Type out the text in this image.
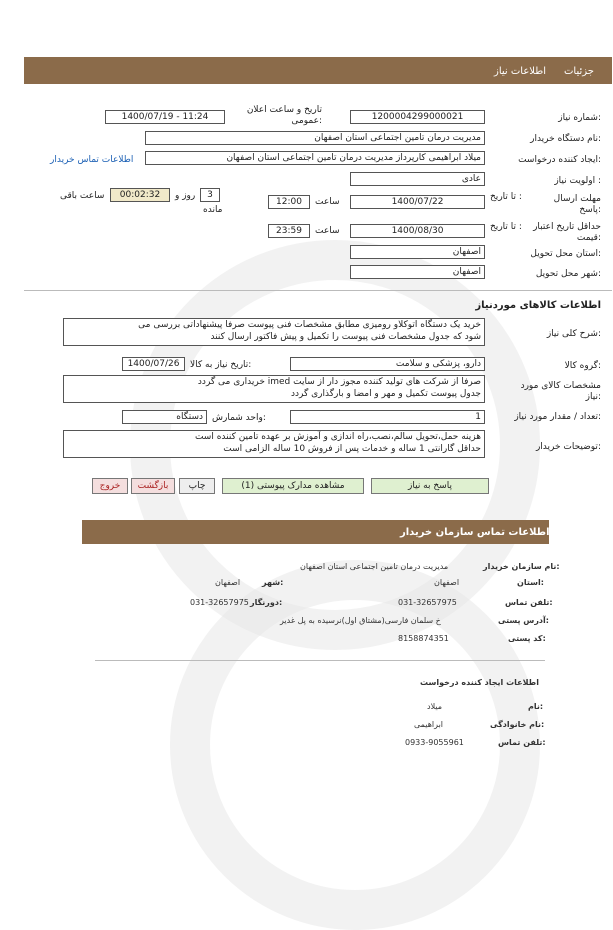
جزئیات
اطلاعات نیاز
شماره نیاز:
1200004299000021
تاریخ و ساعت اعلان عمومی:
1400/07/19 - 11:24
نام دستگاه خریدار:
مدیریت درمان تامین اجتماعی استان اصفهان
ایجاد کننده درخواست:
میلاد ابراهیمی کارپرداز مدیریت درمان تامین اجتماعی استان اصفهان
اطلاعات تماس خریدار
اولویت نیاز :
عادی
مهلت ارسال پاسخ:
تا تاریخ :
1400/07/22
ساعت
12:00
3
روز و
مانده
00:02:32
ساعت باقی
حداقل تاریخ اعتبار قیمت:
تا تاریخ :
1400/08/30
ساعت
23:59
استان محل تحویل:
اصفهان
شهر محل تحویل:
اصفهان
اطلاعات کالاهای موردنیاز
شرح کلی نیاز:
خرید یک دستگاه اتوکلاو رومیزی مطابق مشخصات فنی پیوست صرفا پیشنهاداتی بررسی می
شود که جدول مشخصات فنی پیوست را تکمیل و پیش فاکتور ارسال کنند
گروه کالا:
دارو، پزشکی و سلامت
تاریخ نیاز به کالا:
1400/07/26
مشخصات کالای مورد نیاز:
صرفا از شرکت های تولید کننده مجوز دار از سایت imed خریداری می گردد
جدول پیوست تکمیل و مهر و امضا و بارگذاری گردد
تعداد / مقدار مورد نیاز:
1
واحد شمارش:
دستگاه
توضیحات خریدار:
هزینه حمل،تحویل سالم،نصب،راه اندازی و آموزش بر عهده تامین کننده است
حداقل گارانتی 1 ساله و خدمات پس از فروش 10 ساله الزامی است
پاسخ به نیاز
مشاهده مدارک پیوستی (1)
چاپ
بازگشت
خروج
اطلاعات تماس سازمان خریدار
نام سازمان خریدار:
مدیریت درمان تامین اجتماعی استان اصفهان
استان:
اصفهان
شهر:
اصفهان
تلفن تماس:
031-32657975
دورنگار:
031-32657975
آدرس پستی:
خ سلمان فارسی(مشتاق اول)نرسیده به پل غدیر
کد پستی:
8158874351
اطلاعات ایجاد کننده درخواست
نام:
میلاد
نام خانوادگی:
ابراهیمی
تلفن تماس:
0933-9055961
